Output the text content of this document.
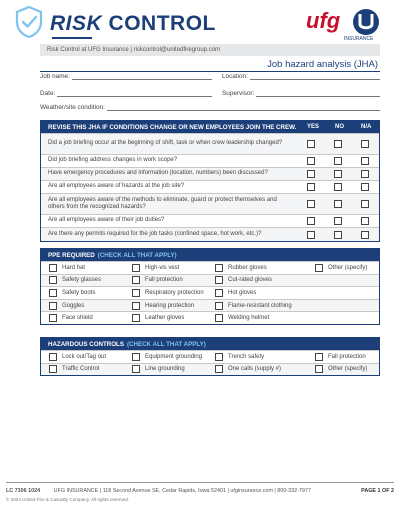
RISK CONTROL	ufg
INSURANCE
Risk Control at UFG Insurance | riskcontrol@unitedfiregroup.com
Job hazard analysis (JHA)
Job name:	Location:
Date:	Supervisor:
Weather/site condition:
REVISE THIS JHA IF CONDITIONS CHANGE OR NEW EMPLOYEES JOIN THE CREW. YES	NO	N/A
Did a job briefing occur at the beginning of shift, task or when crew leadership changed?
Did job briefing address changes in work scope?
Have emergency procedures and information (location, numbers) been discussed?
Are all employees aware of hazards at the job site?
Are all employees aware of the methods to eliminate, guard or protect themselves and others from the recognized hazards?
Are all employees aware of their job duties?
Are there any permits required for the job tasks (confined space, hot work, etc.)?
PPE REQUIRED (CHECK ALL THAT APPLY)
Hard hat	High-vis vest	Rubber gloves	Other (specify)
Safety glasses	Fall protection	Cut-rated gloves
Safety boots	Respiratory protection	Hot gloves
Goggles	Hearing protection	Flame-resistant clothing
Face shield	Leather gloves	Welding helmet
HAZARDOUS CONTROLS (CHECK ALL THAT APPLY)
Lock out/Tag out	Equipment grounding	Trench safety	Fall protection
Traffic Control	Line grounding	One calls (supply #)	Other (specify)
LC 7306 1024	UFG INSURANCE | 118 Second Avenue SE, Cedar Rapids, Iowa 52401 | ufginsurance.com | 800-332-7977	PAGE 1 OF 2
© 2024 United Fire & Casualty Company. All rights reserved.
